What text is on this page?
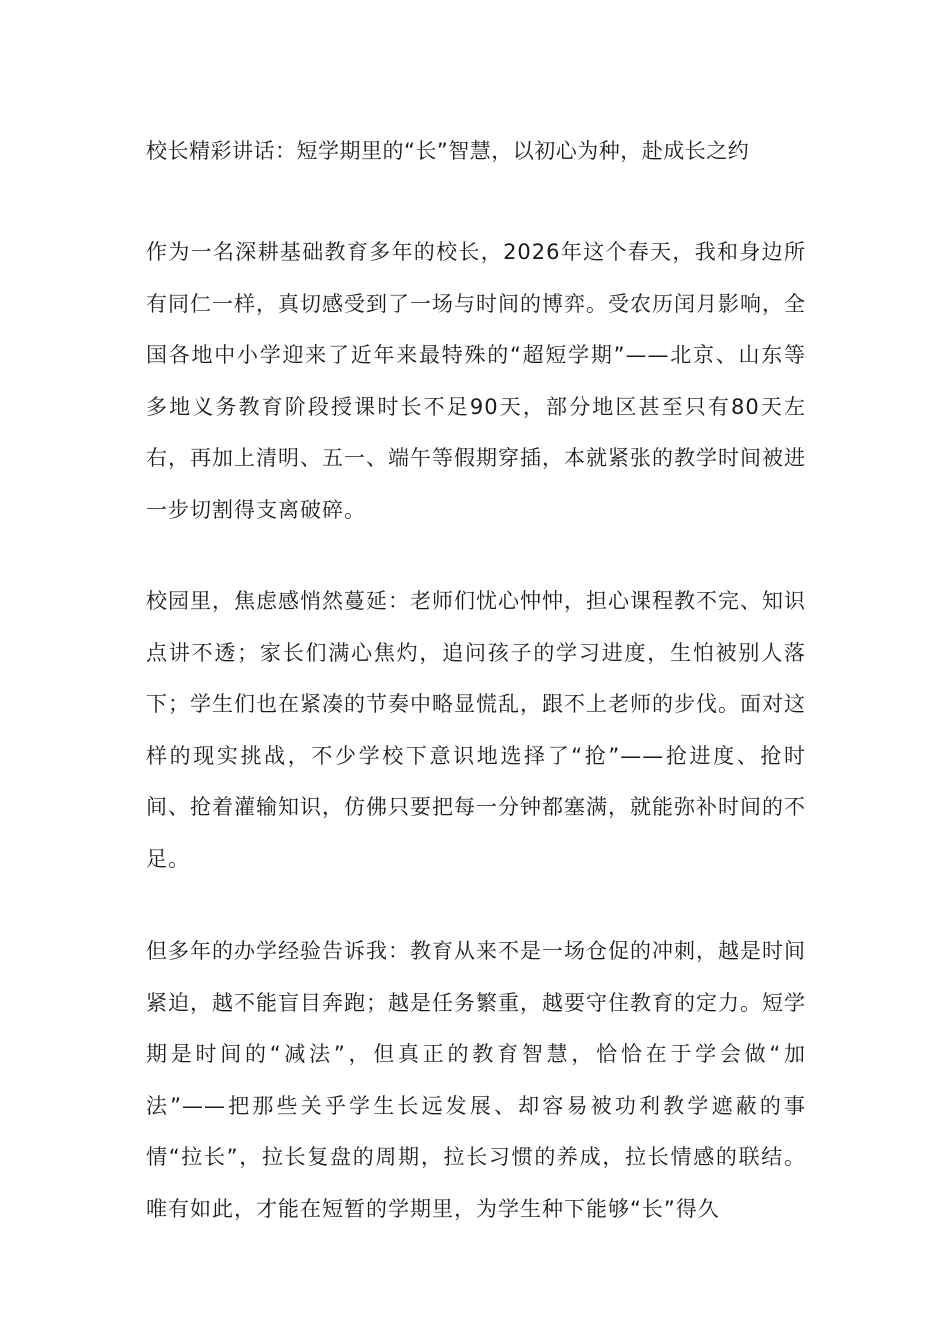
校长精彩讲话：短学期里的“长”智慧，以初心为种，赴成长之约

作为一名深耕基础教育多年的校长，2026年这个春天，我和身边所有同仁一样，真切感受到了一场与时间的博弈。受农历闰月影响，全国各地中小学迎来了近年来最特殊的“超短学期”——北京、山东等多地义务教育阶段授课时长不足90天，部分地区甚至只有80天左右，再加上清明、五一、端午等假期穿插，本就紧张的教学时间被进一步切割得支离破碎。

校园里，焦虑感悄然蔓延：老师们忧心忡忡，担心课程教不完、知识点讲不透；家长们满心焦灼，追问孩子的学习进度，生怕被别人落下；学生们也在紧凑的节奏中略显慌乱，跟不上老师的步伐。面对这样的现实挑战，不少学校下意识地选择了“抢”——抢进度、抢时间、抢着灌输知识，仿佛只要把每一分钟都塞满，就能弥补时间的不足。

但多年的办学经验告诉我：教育从来不是一场仓促的冲刺，越是时间紧迫，越不能盲目奔跑；越是任务繁重，越要守住教育的定力。短学期是时间的“减法”，但真正的教育智慧，恰恰在于学会做“加法”——把那些关乎学生长远发展、却容易被功利教学遮蔽的事情“拉长”，拉长复盘的周期，拉长习惯的养成，拉长情感的联结。唯有如此，才能在短暂的学期里，为学生种下能够“长”得久
